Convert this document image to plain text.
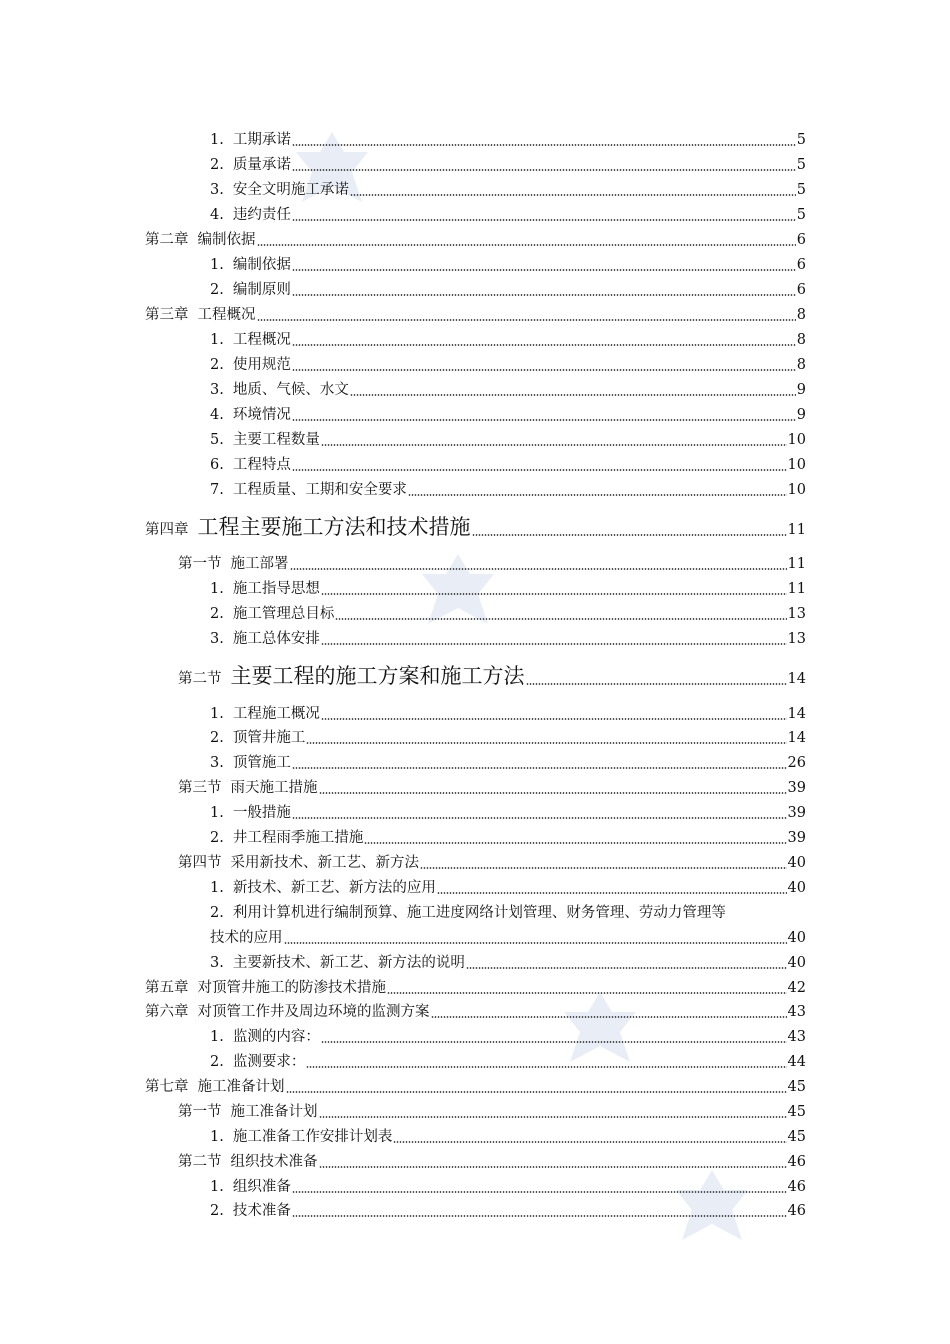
1. 工期承诺	5
2. 质量承诺	5
3. 安全文明施工承诺	5
4. 违约责任	5
第二章 编制依据	6
1. 编制依据	6
2. 编制原则	6
第三章 工程概况	8
1. 工程概况	8
2. 使用规范	8
3. 地质、气候、水文	9
4. 环境情况	9
5. 主要工程数量	10
6. 工程特点	10
7. 工程质量、工期和安全要求	10
第四章 工程主要施工方法和技术措施	11
第一节 施工部署	11
1. 施工指导思想	11
2. 施工管理总目标	13
3. 施工总体安排	13
第二节 主要工程的施工方案和施工方法	14
1. 工程施工概况	14
2. 顶管井施工	14
3. 顶管施工	26
第三节 雨天施工措施	39
1. 一般措施	39
2. 井工程雨季施工措施	39
第四节 采用新技术、新工艺、新方法	40
1. 新技术、新工艺、新方法的应用	40
2. 利用计算机进行编制预算、施工进度网络计划管理、财务管理、劳动力管理等
技术的应用	40
3. 主要新技术、新工艺、新方法的说明	40
第五章 对顶管井施工的防渗技术措施	42
第六章 对顶管工作井及周边环境的监测方案	43
1. 监测的内容：	43
2. 监测要求：	44
第七章 施工准备计划	45
第一节 施工准备计划	45
1. 施工准备工作安排计划表	45
第二节 组织技术准备	46
1. 组织准备	46
2. 技术准备	46
